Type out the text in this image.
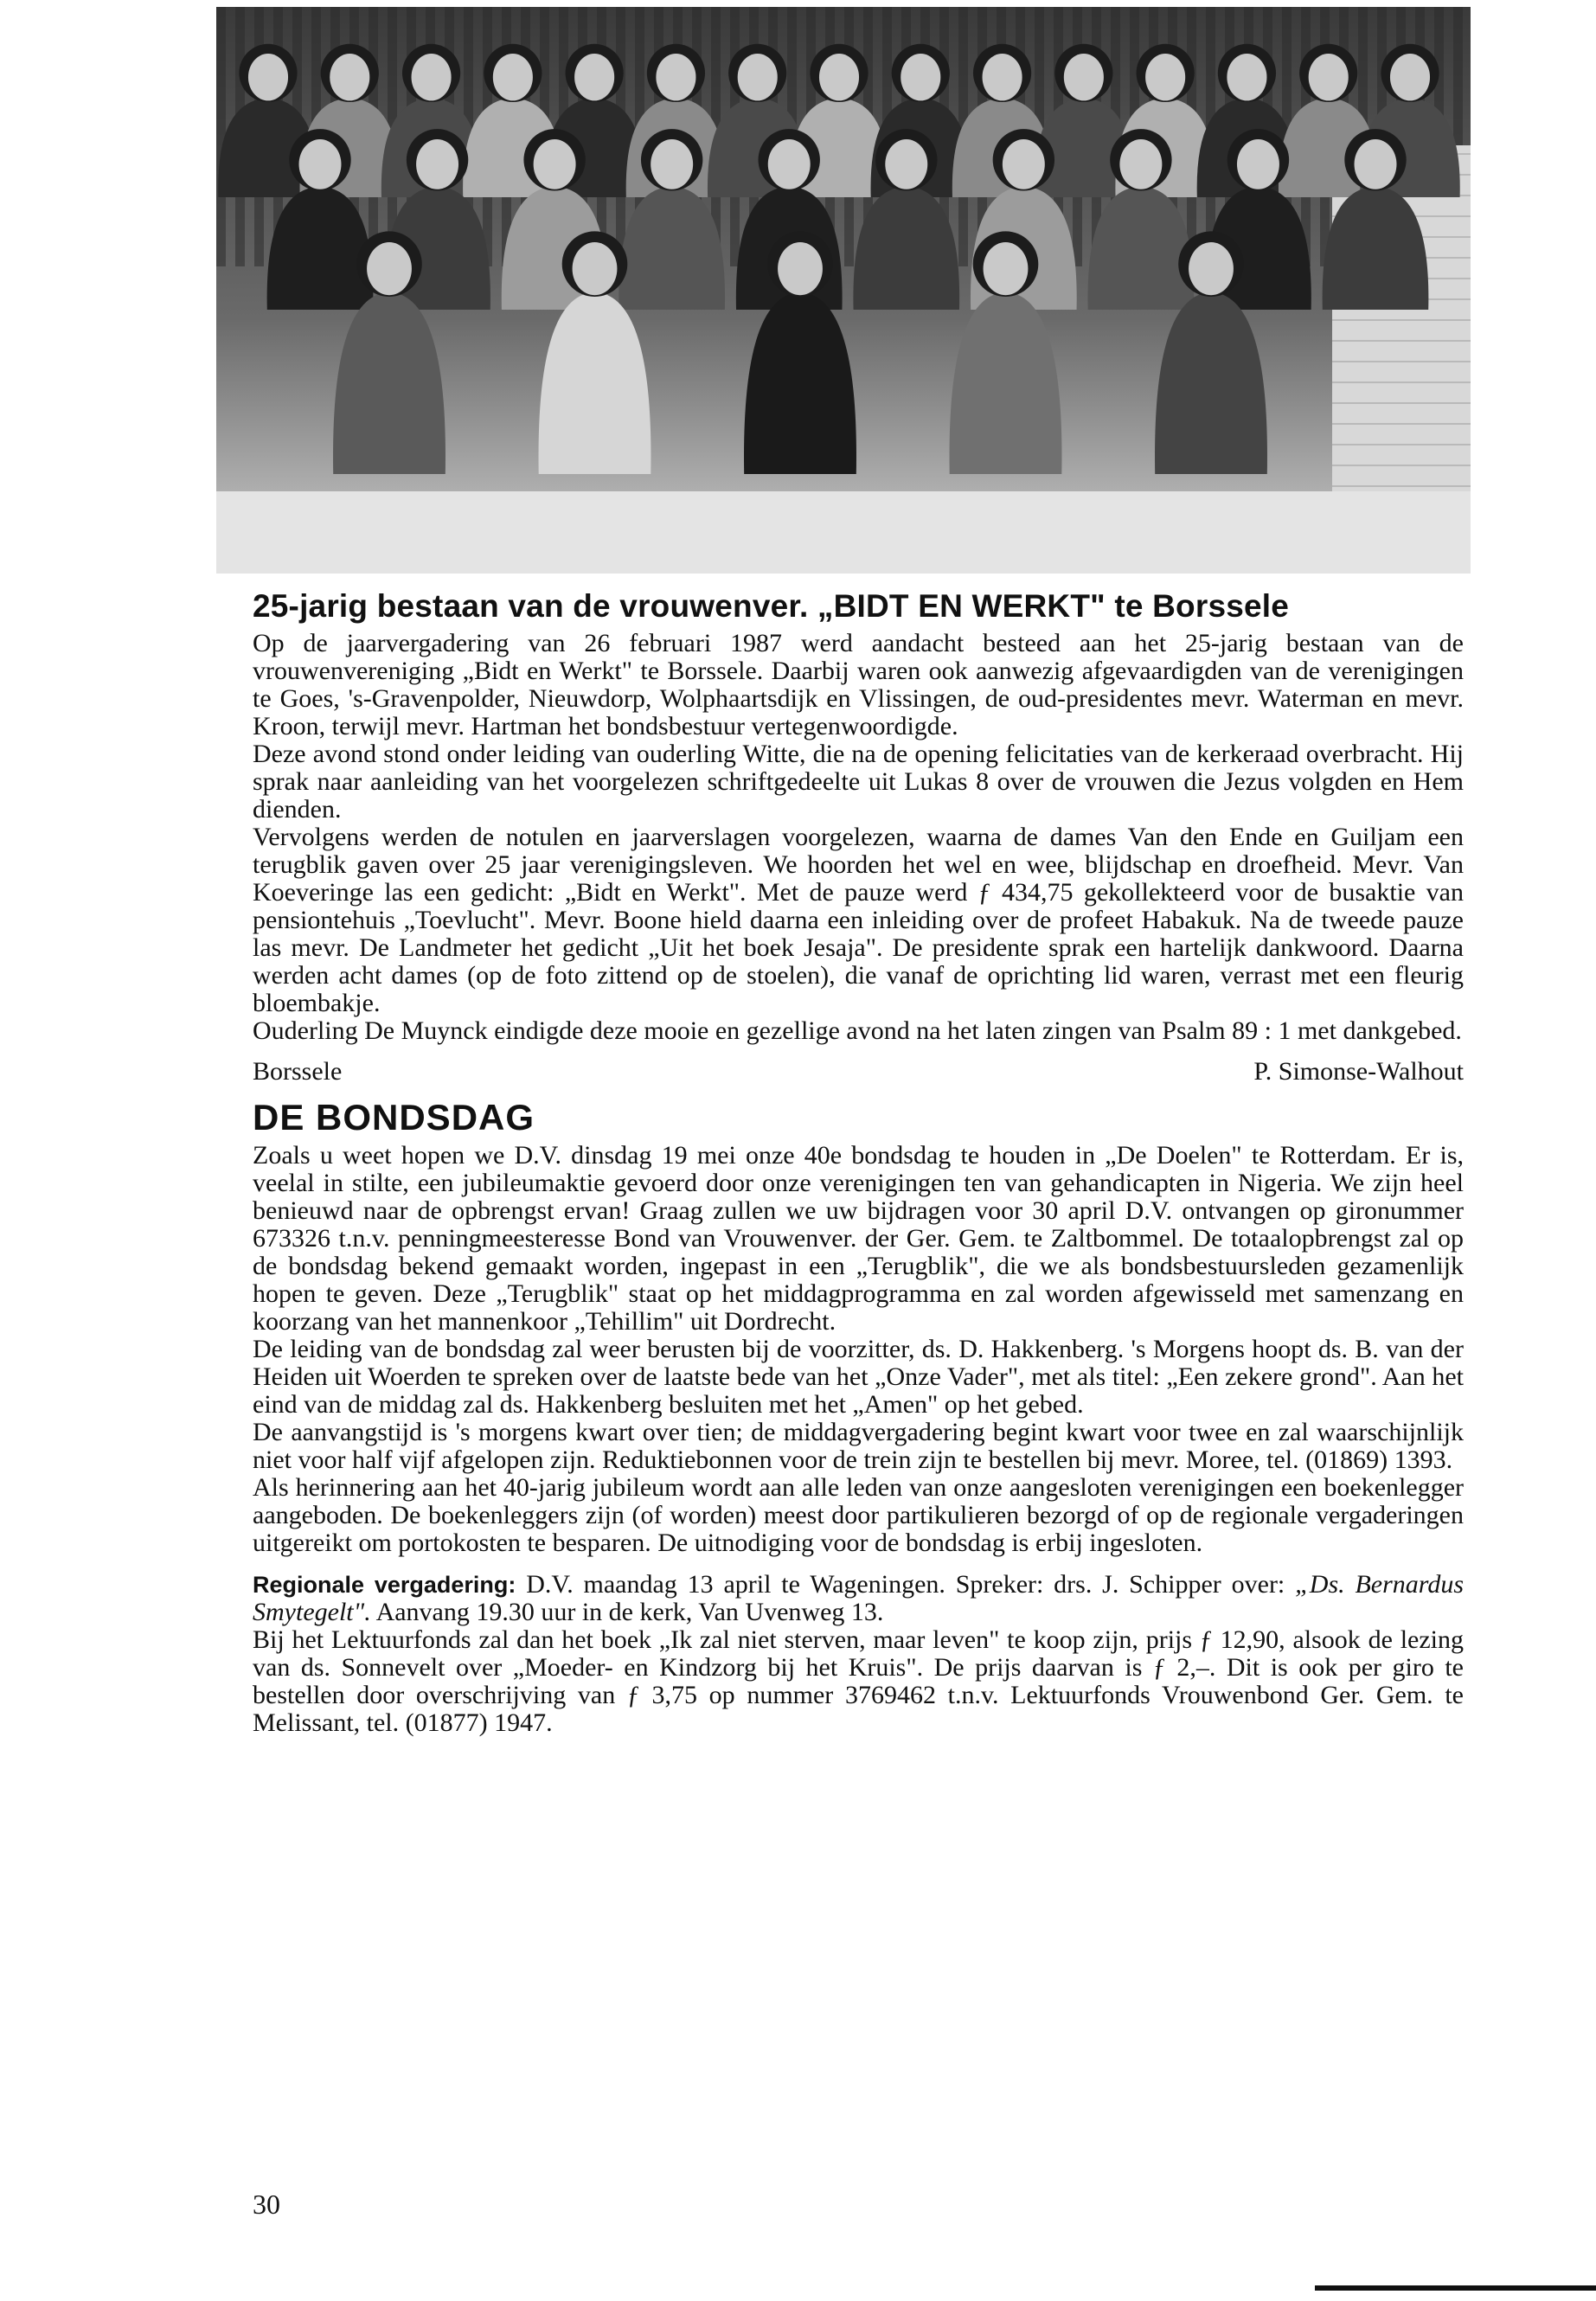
25-jarig bestaan van de vrouwenver. „BIDT EN WERKT" te Borssele

Op de jaarvergadering van 26 februari 1987 werd aandacht besteed aan het 25-jarig bestaan van de vrouwenvereniging „Bidt en Werkt" te Borssele. Daarbij waren ook aanwezig afgevaardigden van de verenigingen te Goes, 's-Gravenpolder, Nieuwdorp, Wolphaartsdijk en Vlissingen, de oud-presidentes mevr. Waterman en mevr. Kroon, terwijl mevr. Hartman het bondsbestuur vertegenwoordigde.

Deze avond stond onder leiding van ouderling Witte, die na de opening felicitaties van de kerkeraad overbracht. Hij sprak naar aanleiding van het voorgelezen schriftgedeelte uit Lukas 8 over de vrouwen die Jezus volgden en Hem dienden.

Vervolgens werden de notulen en jaarverslagen voorgelezen, waarna de dames Van den Ende en Guiljam een terugblik gaven over 25 jaar verenigingsleven. We hoorden het wel en wee, blijdschap en droefheid. Mevr. Van Koeveringe las een gedicht: „Bidt en Werkt". Met de pauze werd ƒ 434,75 gekollekteerd voor de busaktie van pensiontehuis „Toevlucht". Mevr. Boone hield daarna een inleiding over de profeet Habakuk. Na de tweede pauze las mevr. De Landmeter het gedicht „Uit het boek Jesaja". De presidente sprak een hartelijk dankwoord. Daarna werden acht dames (op de foto zittend op de stoelen), die vanaf de oprichting lid waren, verrast met een fleurig bloembakje.

Ouderling De Muynck eindigde deze mooie en gezellige avond na het laten zingen van Psalm 89 : 1 met dankgebed.

Borssele	P. Simonse-Walhout
DE BONDSDAG

Zoals u weet hopen we D.V. dinsdag 19 mei onze 40e bondsdag te houden in „De Doelen" te Rotterdam. Er is, veelal in stilte, een jubileumaktie gevoerd door onze verenigingen ten van gehandicapten in Nigeria. We zijn heel benieuwd naar de opbrengst ervan! Graag zullen we uw bijdragen voor 30 april D.V. ontvangen op gironummer 673326 t.n.v. penningmeesteresse Bond van Vrouwenver. der Ger. Gem. te Zaltbommel. De totaalopbrengst zal op de bondsdag bekend gemaakt worden, ingepast in een „Terugblik", die we als bondsbestuursleden gezamenlijk hopen te geven. Deze „Terugblik" staat op het middagprogramma en zal worden afgewisseld met samenzang en koorzang van het mannenkoor „Tehillim" uit Dordrecht.

De leiding van de bondsdag zal weer berusten bij de voorzitter, ds. D. Hakkenberg. 's Morgens hoopt ds. B. van der Heiden uit Woerden te spreken over de laatste bede van het „Onze Vader", met als titel: „Een zekere grond". Aan het eind van de middag zal ds. Hakkenberg besluiten met het „Amen" op het gebed.

De aanvangstijd is 's morgens kwart over tien; de middagvergadering begint kwart voor twee en zal waarschijnlijk niet voor half vijf afgelopen zijn. Reduktiebonnen voor de trein zijn te bestellen bij mevr. Moree, tel. (01869) 1393.

Als herinnering aan het 40-jarig jubileum wordt aan alle leden van onze aangesloten verenigingen een boekenlegger aangeboden. De boekenleggers zijn (of worden) meest door partikulieren bezorgd of op de regionale vergaderingen uitgereikt om portokosten te besparen. De uitnodiging voor de bondsdag is erbij ingesloten.

Regionale vergadering: D.V. maandag 13 april te Wageningen. Spreker: drs. J. Schipper over: „Ds. Bernardus Smytegelt". Aanvang 19.30 uur in de kerk, Van Uvenweg 13.

Bij het Lektuurfonds zal dan het boek „Ik zal niet sterven, maar leven" te koop zijn, prijs ƒ 12,90, alsook de lezing van ds. Sonnevelt over „Moeder- en Kindzorg bij het Kruis". De prijs daarvan is ƒ 2,–. Dit is ook per giro te bestellen door overschrijving van ƒ 3,75 op nummer 3769462 t.n.v. Lektuurfonds Vrouwenbond Ger. Gem. te Melissant, tel. (01877) 1947.

30
